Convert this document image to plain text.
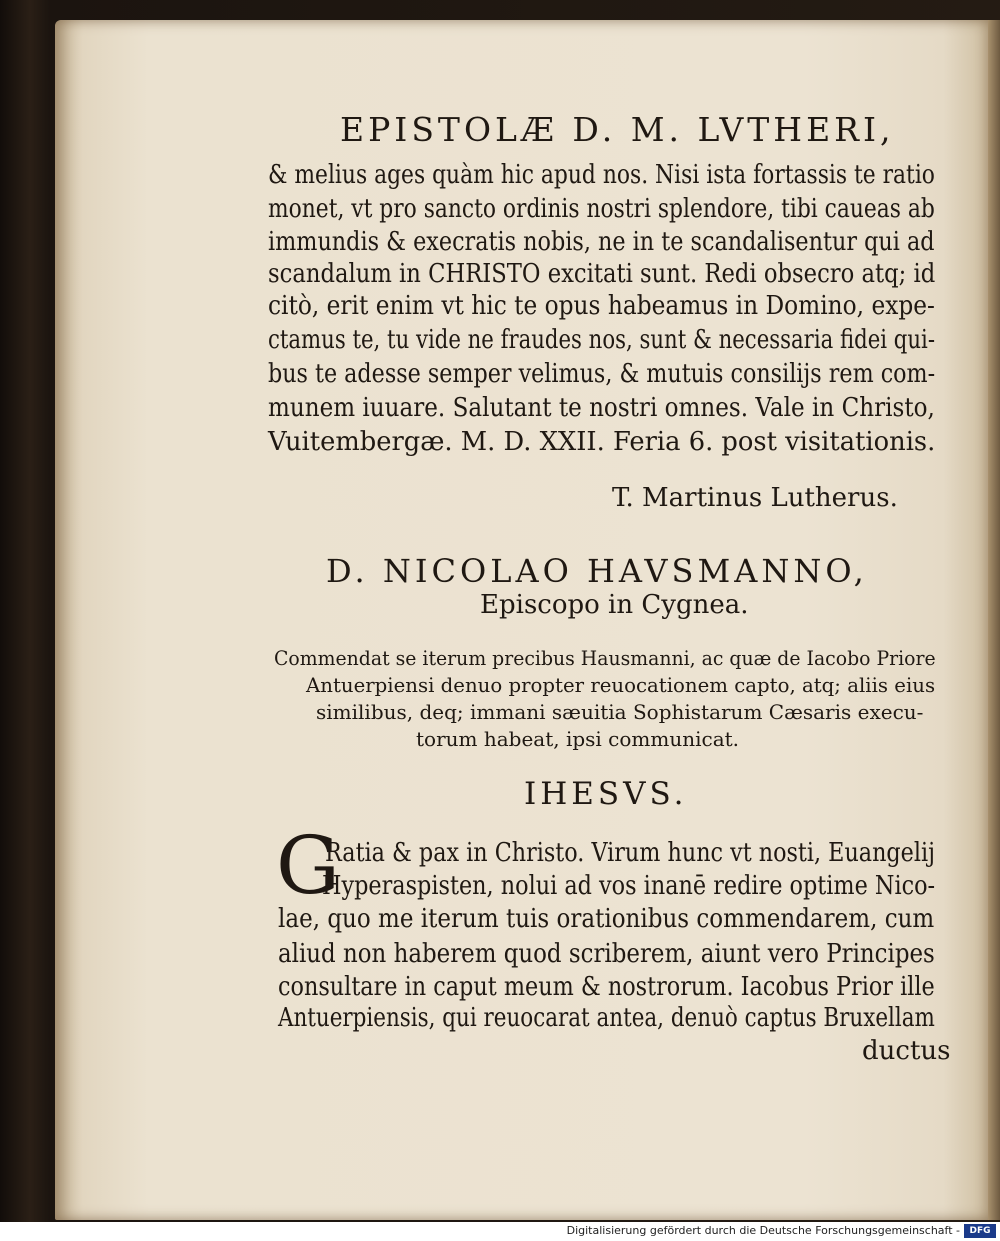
EPISTOLÆ D. M. LVTHERI,
& melius ages quàm hic apud nos. Nisi ista fortassis te ratio
monet, vt pro sancto ordinis nostri splendore, tibi caueas ab
immundis & execratis nobis, ne in te scandalisentur qui ad
scandalum in CHRISTO excitati sunt. Redi obsecro atq; id
citò, erit enim vt hic te opus habeamus in Domino, expe-
ctamus te, tu vide ne fraudes nos, sunt & necessaria fidei qui-
bus te adesse semper velimus, & mutuis consilijs rem com-
munem iuuare. Salutant te nostri omnes. Vale in Christo,
Vuitembergæ. M. D. XXII. Feria 6. post visitationis.
T. Martinus Lutherus.
D. NICOLAO HAVSMANNO,
Episcopo in Cygnea.
Commendat se iterum precibus Hausmanni, ac quæ de Iacobo Priore
Antuerpiensi denuo propter reuocationem capto, atq; aliis eius
similibus, deq; immani sæuitia Sophistarum Cæsaris execu-
torum habeat, ipsi communicat.
IHESVS.
G
Ratia & pax in Christo. Virum hunc vt nosti, Euangelij
Hyperaspisten, nolui ad vos inanē redire optime Nico-
lae, quo me iterum tuis orationibus commendarem, cum
aliud non haberem quod scriberem, aiunt vero Principes
consultare in caput meum & nostrorum. Iacobus Prior ille
Antuerpiensis, qui reuocarat antea, denuò captus Bruxellam
ductus
Digitalisierung gefördert durch die Deutsche Forschungsgemeinschaft -	DFG
